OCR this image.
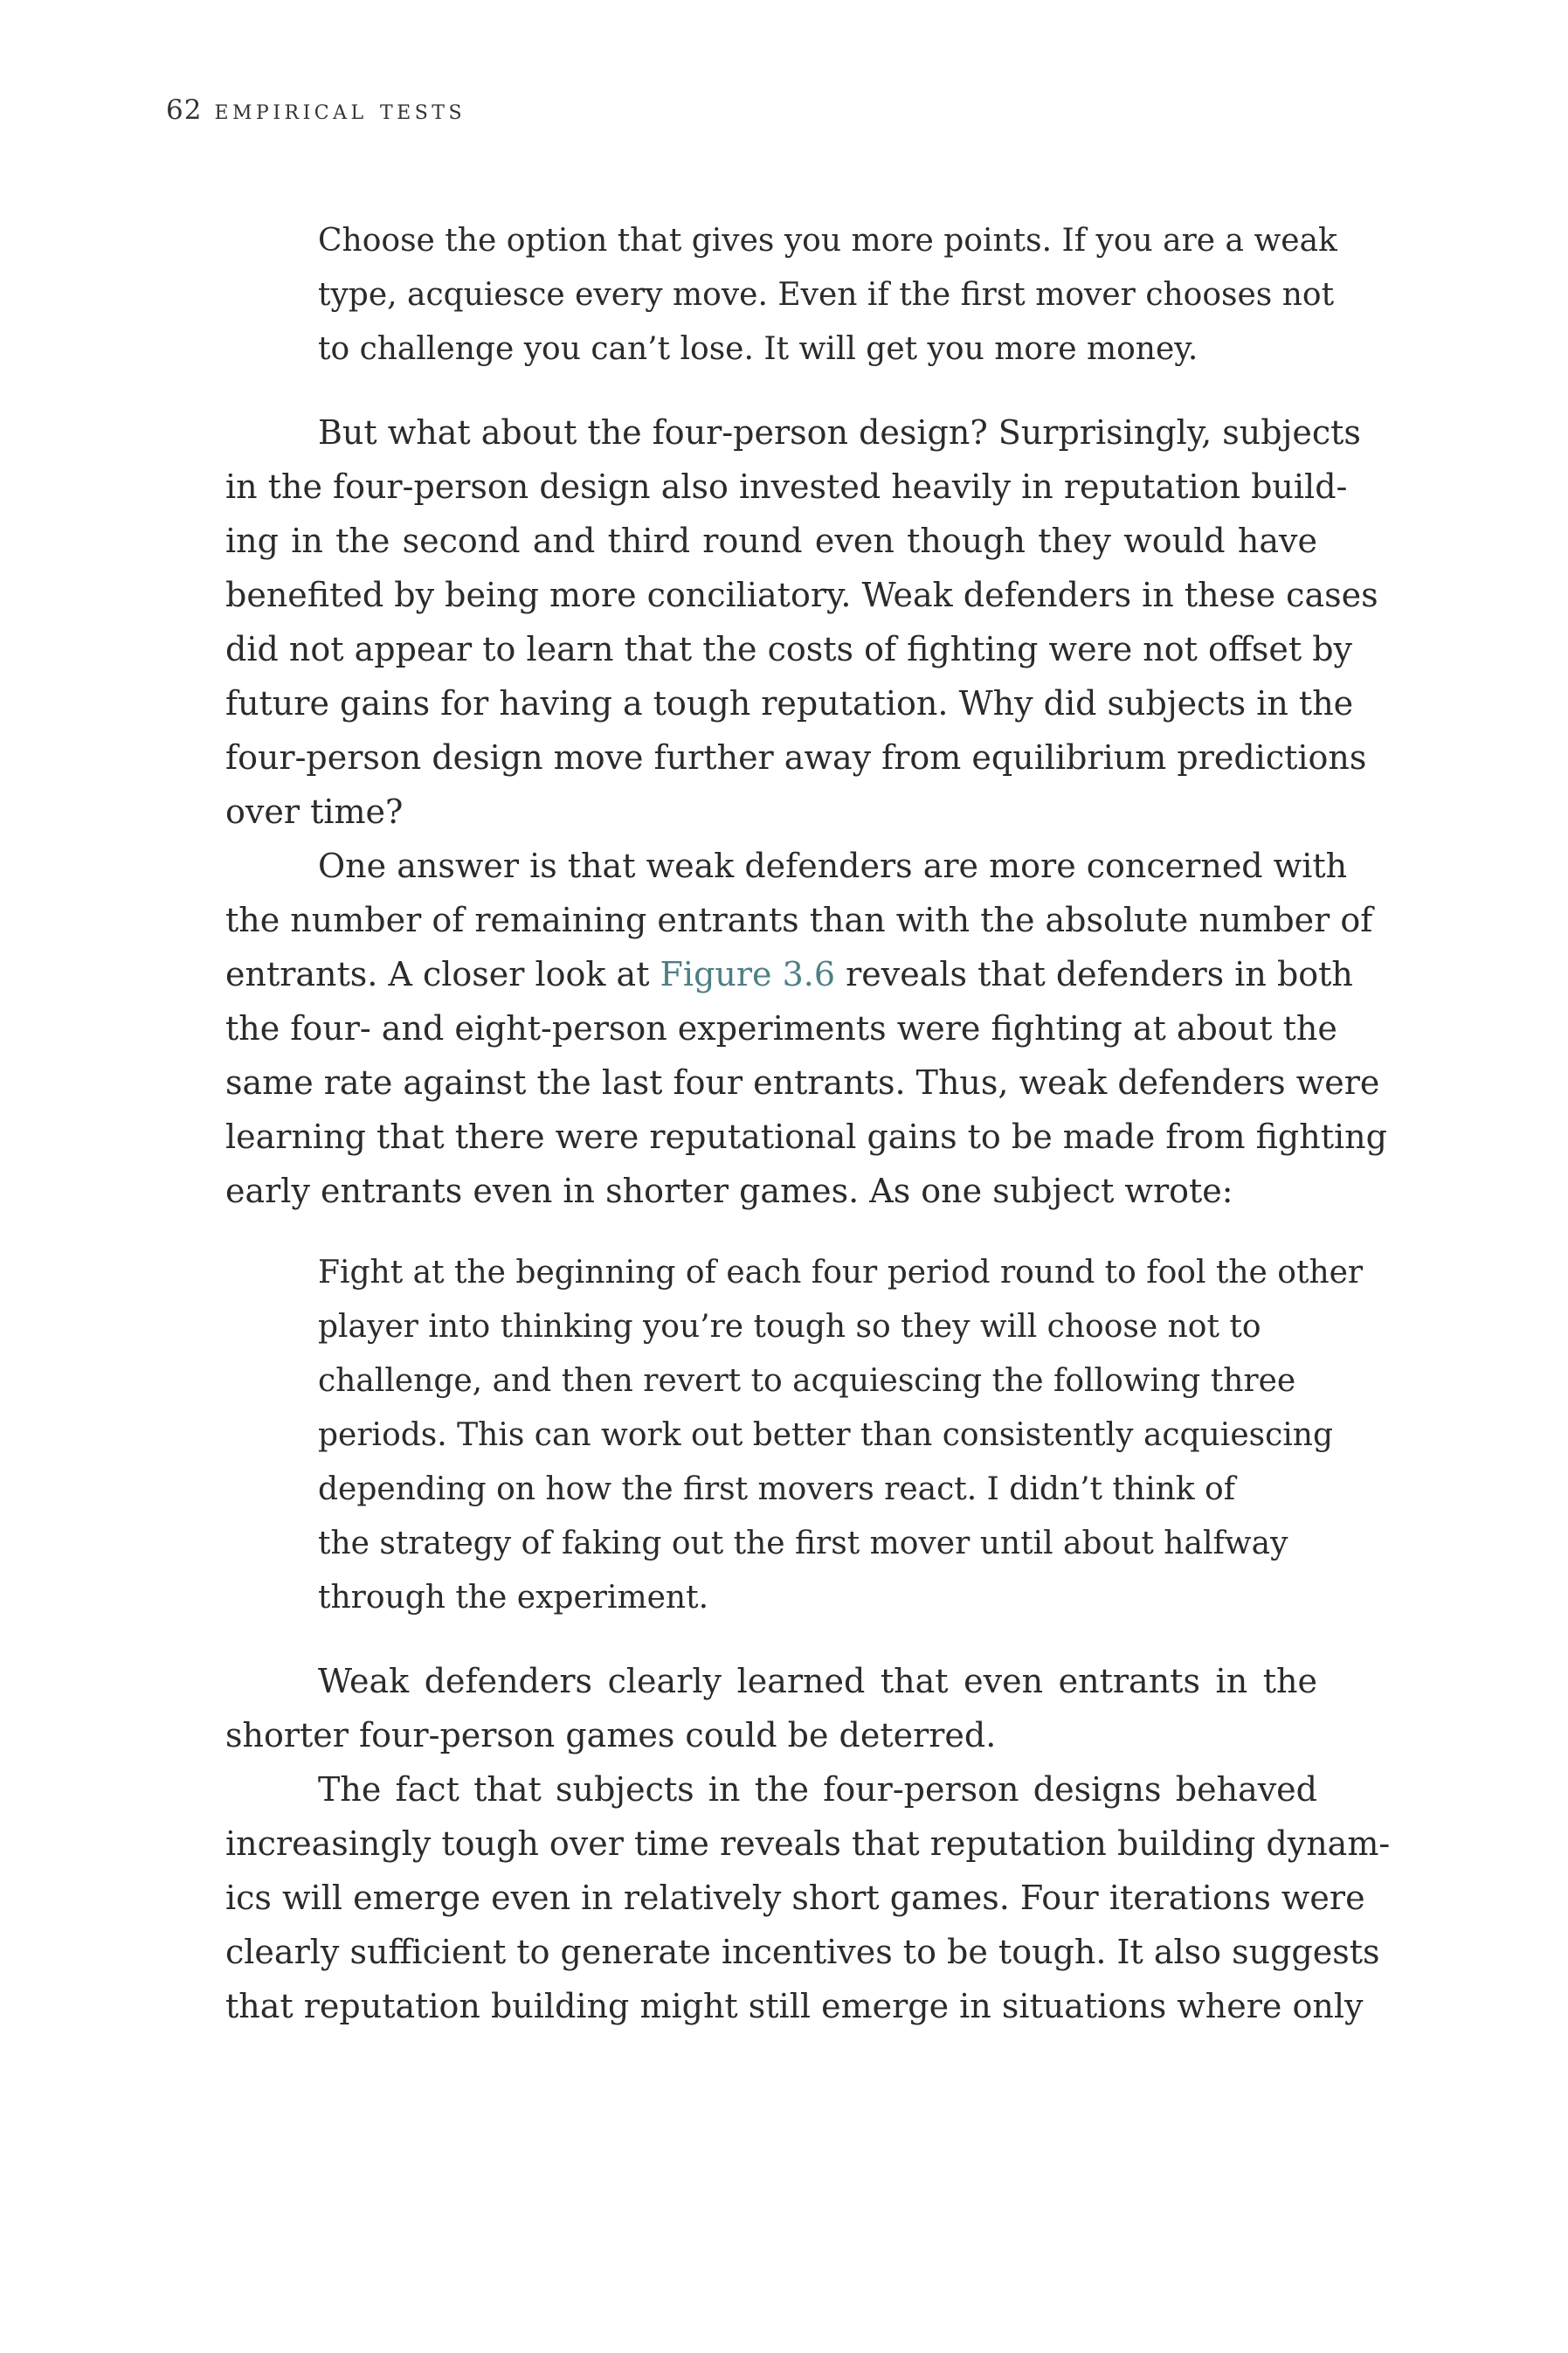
62 empirical tests
Choose the option that gives you more points. If you are a weak
type, acquiesce every move. Even if the first mover chooses not
to challenge you can’t lose. It will get you more money.
But what about the four-person design? Surprisingly, subjects
in the four-person design also invested heavily in reputation build-
ing in the second and third round even though they would have
benefited by being more conciliatory. Weak defenders in these cases
did not appear to learn that the costs of fighting were not offset by
future gains for having a tough reputation. Why did subjects in the
four-person design move further away from equilibrium predictions
over time?
One answer is that weak defenders are more concerned with
the number of remaining entrants than with the absolute number of
entrants. A closer look at Figure 3.6 reveals that defenders in both
the four- and eight-person experiments were fighting at about the
same rate against the last four entrants. Thus, weak defenders were
learning that there were reputational gains to be made from fighting
early entrants even in shorter games. As one subject wrote:
Fight at the beginning of each four period round to fool the other
player into thinking you’re tough so they will choose not to
challenge, and then revert to acquiescing the following three
periods. This can work out better than consistently acquiescing
depending on how the first movers react. I didn’t think of
the strategy of faking out the first mover until about halfway
through the experiment.
Weak defenders clearly learned that even entrants in the
shorter four-person games could be deterred.
The fact that subjects in the four-person designs behaved
increasingly tough over time reveals that reputation building dynam-
ics will emerge even in relatively short games. Four iterations were
clearly sufficient to generate incentives to be tough. It also suggests
that reputation building might still emerge in situations where only
